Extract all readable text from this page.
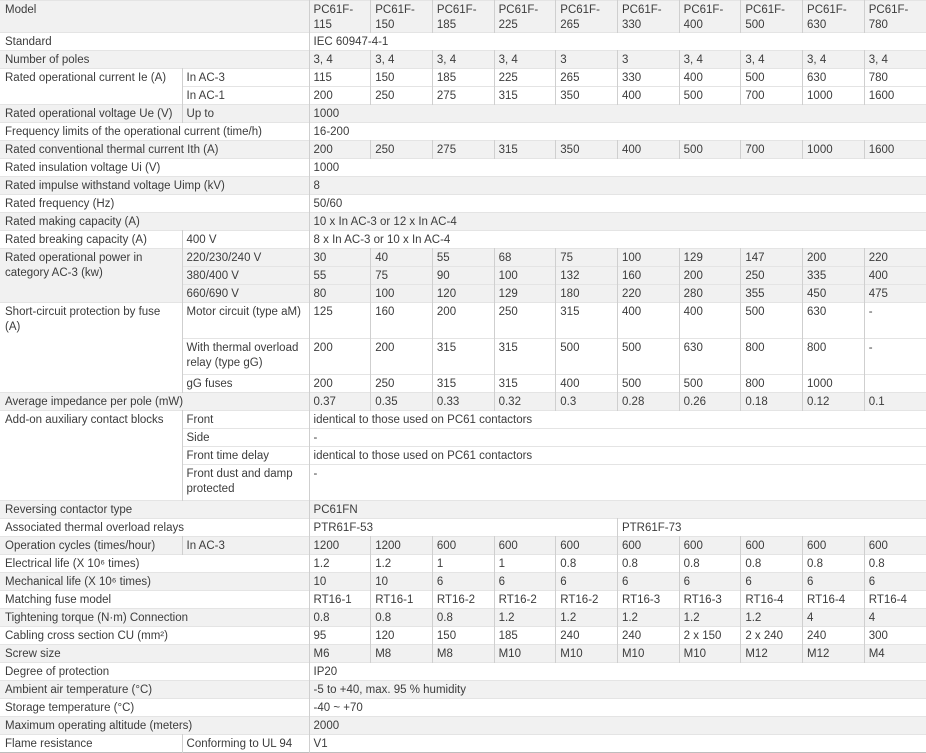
Model		PC61F-115	PC61F-150	PC61F-185	PC61F-225	PC61F-265	PC61F-330	PC61F-400	PC61F-500	PC61F-630	PC61F-780
Standard		IEC 60947-4-1									
Number of poles		3, 4	3, 4	3, 4	3, 4	3	3	3, 4	3, 4	3, 4	3, 4
Rated operational current Ie (A)	In AC-3	115	150	185	225	265	330	400	500	630	780
	In AC-1	200	250	275	315	350	400	500	700	1000	1600
Rated operational voltage Ue (V)	Up to	1000									
Frequency limits of the operational current (time/h)		16-200									
Rated conventional thermal current Ith (A)		200	250	275	315	350	400	500	700	1000	1600
Rated insulation voltage Ui (V)		1000									
Rated impulse withstand voltage Uimp (kV)		8									
Rated frequency (Hz)		50/60									
Rated making capacity (A)		10 x In AC-3 or 12 x In AC-4									
Rated breaking capacity (A)	400 V	8 x In AC-3 or 10 x In AC-4									
Rated operational power in category AC-3 (kw)	220/230/240 V	30	40	55	68	75	100	129	147	200	220
	380/400 V	55	75	90	100	132	160	200	250	335	400
	660/690 V	80	100	120	129	180	220	280	355	450	475
Short-circuit protection by fuse (A)	Motor circuit (type aM)	125	160	200	250	315	400	400	500	630	-
	With thermal overload relay (type gG)	200	200	315	315	500	500	630	800	800	-
	gG fuses	200	250	315	315	400	500	500	800	1000	
Average impedance per pole (mW)		0.37	0.35	0.33	0.32	0.3	0.28	0.26	0.18	0.12	0.1
Add-on auxiliary contact blocks	Front	identical to those used on PC61 contactors									
	Side	-									
	Front time delay	identical to those used on PC61 contactors									
	Front dust and damp protected	-									
Reversing contactor type		PC61FN									
Associated thermal overload relays		PTR61F-53					PTR61F-73				
Operation cycles (times/hour)	In AC-3	1200	1200	600	600	600	600	600	600	600	600
Electrical life (X 10⁶ times)		1.2	1.2	1	1	0.8	0.8	0.8	0.8	0.8	0.8
Mechanical life (X 10⁶ times)		10	10	6	6	6	6	6	6	6	6
Matching fuse model		RT16-1	RT16-1	RT16-2	RT16-2	RT16-2	RT16-3	RT16-3	RT16-4	RT16-4	RT16-4
Tightening torque (N·m) Connection		0.8	0.8	0.8	1.2	1.2	1.2	1.2	1.2	4	4
Cabling cross section CU (mm²)		95	120	150	185	240	240	2 x 150	2 x 240	240	300
Screw size		M6	M8	M8	M10	M10	M10	M10	M12	M12	M4
Degree of protection		IP20									
Ambient air temperature (°C)		-5 to +40, max. 95 % humidity									
Storage temperature (°C)		-40 ~ +70									
Maximum operating altitude (meters)		2000									
Flame resistance	Conforming to UL 94	V1									
